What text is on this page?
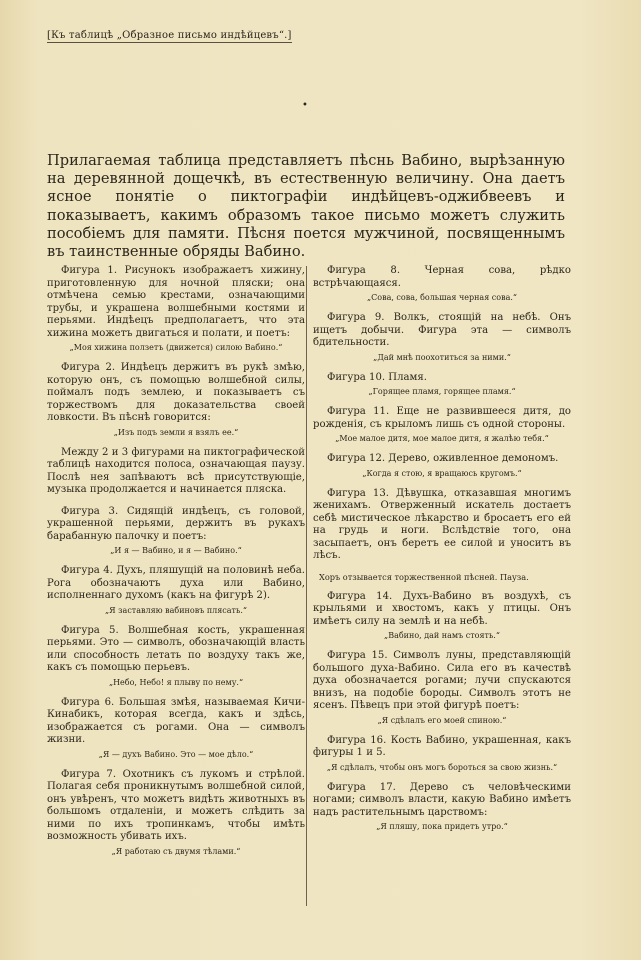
[Къ таблицѣ „Образное письмо индѣйцевъ“.]
•

Прилагаемая таблица представляетъ пѣснь Вабино, вырѣзанную на деревянной дощечкѣ, въ естественную величину. Она даетъ ясное понятіе о пиктографіи индѣйцевъ-оджибвеевъ и показываетъ, какимъ образомъ такое письмо можетъ служить пособіемъ для памяти. Пѣсня поется мужчиной, посвященнымъ въ таинственные обряды Вабино.

Фигура 1. Рисунокъ изображаетъ хижину, приготовленную для ночной пляски; она отмѣчена семью крестами, означающими трубы, и украшена волшебными костями и перьями. Индѣецъ предполагаетъ, что эта хижина можетъ двигаться и полати, и поетъ:

„Моя хижина ползетъ (движется) силою Вабино.“

Фигура 2. Индѣецъ держитъ въ рукѣ змѣю, которую онъ, съ помощью волшебной силы, поймалъ подъ землею, и показываетъ съ торжествомъ для доказательства своей ловкости. Въ пѣснѣ говорится:

„Изъ подъ земли я взялъ ее.“

Между 2 и 3 фигурами на пиктографической таблицѣ находится полоса, означающая паузу. Послѣ нея запѣваютъ всѣ присутствующіе, музыка продолжается и начинается пляска.

Фигура 3. Сидящій индѣецъ, съ головой, украшенной перьями, держитъ въ рукахъ барабанную палочку и поетъ:

„И я — Вабино, и я — Вабино.“

Фигура 4. Духъ, пляшущій на половинѣ неба. Рога обозначаютъ духа или Вабино, исполненнаго духомъ (какъ на фигурѣ 2).

„Я заставляю вабиновъ плясать.“

Фигура 5. Волшебная кость, украшенная перьями. Это — символъ, обозначающій власть или способность летать по воздуху такъ же, какъ съ помощью перьевъ.

„Небо, Небо! я плыву по нему.“

Фигура 6. Большая змѣя, называемая Кичи-Кинабикъ, которая всегда, какъ и здѣсь, изображается съ рогами. Она — символъ жизни.

„Я — духъ Вабино. Это — мое дѣло.“

Фигура 7. Охотникъ съ лукомъ и стрѣлой. Полагая себя проникнутымъ волшебной силой, онъ увѣренъ, что можетъ видѣть животныхъ въ большомъ отдаленіи, и можетъ слѣдить за ними по ихъ тропинкамъ, чтобы имѣть возможность убивать ихъ.

„Я работаю съ двумя тѣлами.“

Фигура 8. Черная сова, рѣдко встрѣчающаяся.

„Сова, сова, большая черная сова.“

Фигура 9. Волкъ, стоящій на небѣ. Онъ ищетъ добычи. Фигура эта — символъ бдительности.

„Дай мнѣ поохотиться за ними.“

Фигура 10. Пламя.

„Горящее пламя, горящее пламя.“

Фигура 11. Еще не развившееся дитя, до рожденія, съ крыломъ лишь съ одной стороны.

„Мое малое дитя, мое малое дитя, я жалѣю тебя.“

Фигура 12. Дерево, оживленное демономъ.

„Когда я стою, я вращаюсь кругомъ.“

Фигура 13. Дѣвушка, отказавшая многимъ женихамъ. Отверженный искатель достаетъ себѣ мистическое лѣкарство и бросаетъ его ей на грудь и ноги. Вслѣдствіе того, она засыпаетъ, онъ беретъ ее силой и уноситъ въ лѣсъ.

Хоръ отзывается торжественной пѣсней. Пауза.

Фигура 14. Духъ-Вабино въ воздухѣ, съ крыльями и хвостомъ, какъ у птицы. Онъ имѣетъ силу на землѣ и на небѣ.

„Вабино, дай намъ стоять.“

Фигура 15. Символъ луны, представляющій большого духа-Вабино. Сила его въ качествѣ духа обозначается рогами; лучи спускаются внизъ, на подобіе бороды. Символъ этотъ не ясенъ. Пѣвецъ при этой фигурѣ поетъ:

„Я сдѣлалъ его моей спиною.“

Фигура 16. Кость Вабино, украшенная, какъ фигуры 1 и 5.

„Я сдѣлалъ, чтобы онъ могъ бороться за свою жизнь.“

Фигура 17. Дерево съ человѣческими ногами; символъ власти, какую Вабино имѣетъ надъ растительнымъ царствомъ:

„Я пляшу, пока придетъ утро.“
